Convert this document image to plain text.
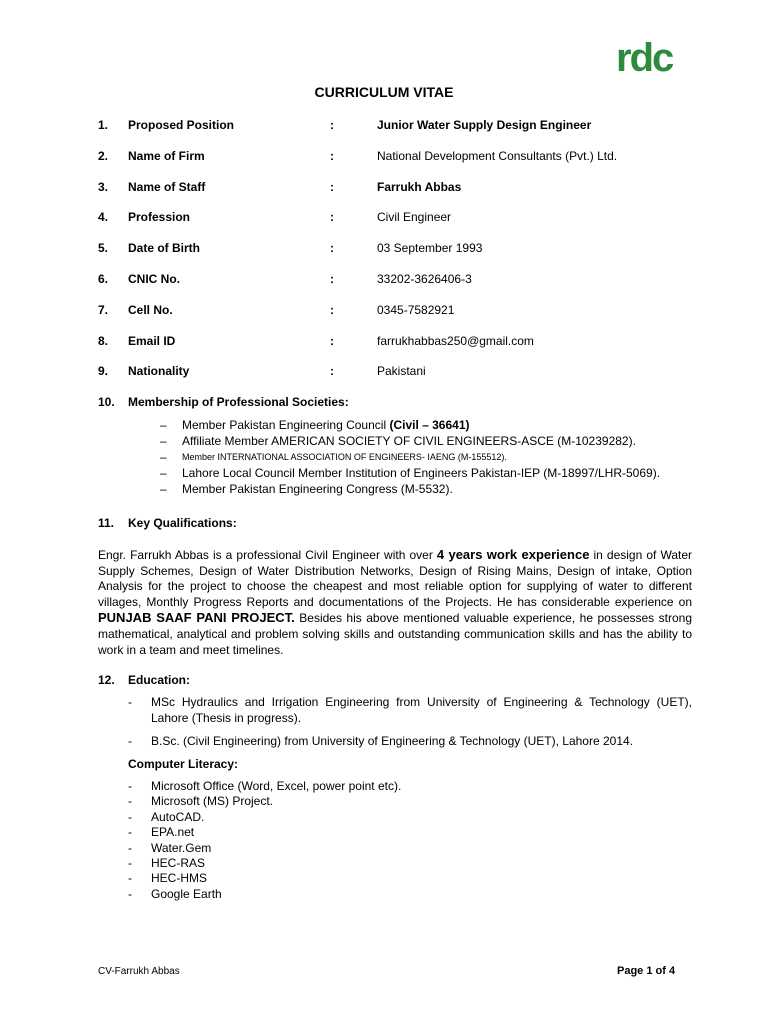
rdc
CURRICULUM VITAE
1. Proposed Position	:	Junior Water Supply Design Engineer
2. Name of Firm	:	National Development Consultants (Pvt.) Ltd.
3. Name of Staff	:	Farrukh Abbas
4. Profession	:	Civil Engineer
5. Date of Birth	:	03 September 1993
6. CNIC No.	:	33202-3626406-3
7. Cell No.	:	0345-7582921
8. Email ID	:	farrukhabbas250@gmail.com
9. Nationality	:	Pakistani
10. Membership of Professional Societies:
– Member Pakistan Engineering Council (Civil – 36641)
– Affiliate Member AMERICAN SOCIETY OF CIVIL ENGINEERS-ASCE (M-10239282).
– Member INTERNATIONAL ASSOCIATION OF ENGINEERS- IAENG (M-155512).
– Lahore Local Council Member Institution of Engineers Pakistan-IEP (M-18997/LHR-5069).
– Member Pakistan Engineering Congress (M-5532).
11. Key Qualifications:
Engr. Farrukh Abbas is a professional Civil Engineer with over 4 years work experience in design of Water Supply Schemes, Design of Water Distribution Networks, Design of Rising Mains, Design of intake, Option Analysis for the project to choose the cheapest and most reliable option for supplying of water to different villages, Monthly Progress Reports and documentations of the Projects. He has considerable experience on PUNJAB SAAF PANI PROJECT. Besides his above mentioned valuable experience, he possesses strong mathematical, analytical and problem solving skills and outstanding communication skills and has the ability to work in a team and meet timelines.
12. Education:
- MSc Hydraulics and Irrigation Engineering from University of Engineering & Technology (UET), Lahore (Thesis in progress).
- B.Sc. (Civil Engineering) from University of Engineering & Technology (UET), Lahore 2014.
Computer Literacy:
- Microsoft Office (Word, Excel, power point etc).
- Microsoft (MS) Project.
- AutoCAD.
- EPA.net
- Water.Gem
- HEC-RAS
- HEC-HMS
- Google Earth
CV-Farrukh Abbas	Page 1 of 4
